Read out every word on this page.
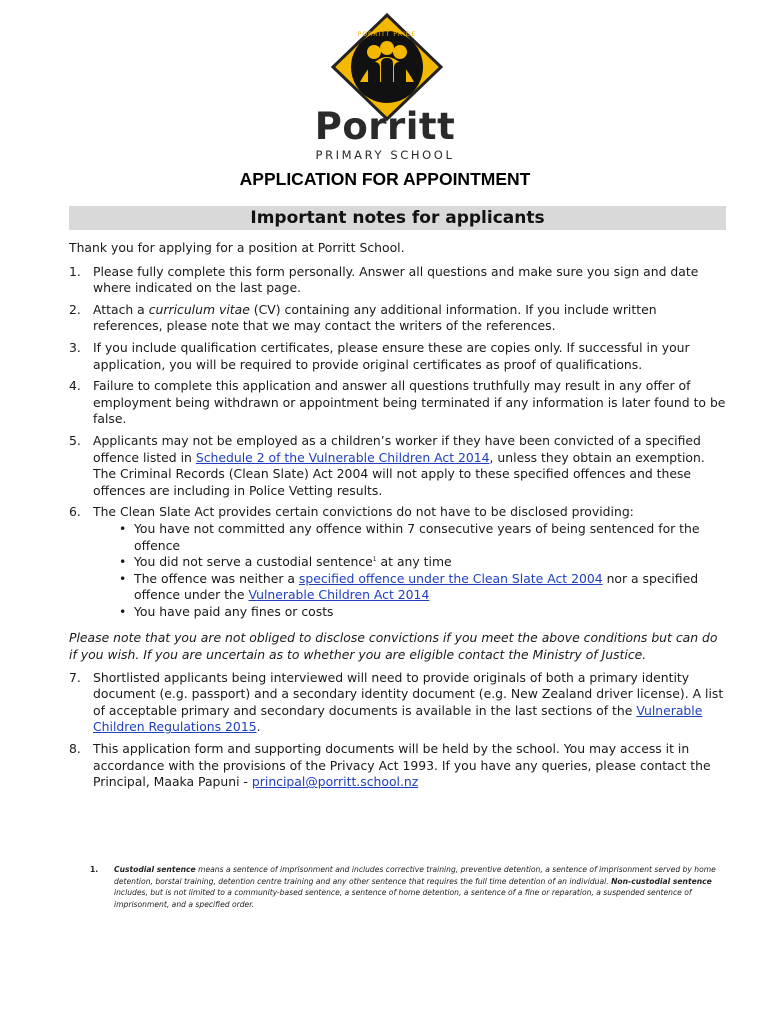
PORRITT PRIDE
Porritt
PRIMARY SCHOOL
APPLICATION FOR APPOINTMENT
Important notes for applicants

Thank you for applying for a position at Porritt School.

1. Please fully complete this form personally. Answer all questions and make sure you sign and date where indicated on the last page.
2. Attach a curriculum vitae (CV) containing any additional information. If you include written references, please note that we may contact the writers of the references.
3. If you include qualification certificates, please ensure these are copies only. If successful in your application, you will be required to provide original certificates as proof of qualifications.
4. Failure to complete this application and answer all questions truthfully may result in any offer of employment being withdrawn or appointment being terminated if any information is later found to be false.
5. Applicants may not be employed as a children’s worker if they have been convicted of a specified offence listed in Schedule 2 of the Vulnerable Children Act 2014, unless they obtain an exemption. The Criminal Records (Clean Slate) Act 2004 will not apply to these specified offences and these offences are including in Police Vetting results.
6. The Clean Slate Act provides certain convictions do not have to be disclosed providing:
• You have not committed any offence within 7 consecutive years of being sentenced for the offence
• You did not serve a custodial sentence$^1$ at any time
• The offence was neither a specified offence under the Clean Slate Act 2004 nor a specified offence under the Vulnerable Children Act 2014
• You have paid any fines or costs

Please note that you are not obliged to disclose convictions if you meet the above conditions but can do if you wish. If you are uncertain as to whether you are eligible contact the Ministry of Justice.

7. Shortlisted applicants being interviewed will need to provide originals of both a primary identity document (e.g. passport) and a secondary identity document (e.g. New Zealand driver license). A list of acceptable primary and secondary documents is available in the last sections of the Vulnerable Children Regulations 2015.
8. This application form and supporting documents will be held by the school. You may access it in accordance with the provisions of the Privacy Act 1993. If you have any queries, please contact the Principal, Maaka Papuni - principal@porritt.school.nz
1.	Custodial sentence means a sentence of imprisonment and includes corrective training, preventive detention, a sentence of imprisonment served by home detention, borstal training, detention centre training and any other sentence that requires the full time detention of an individual. Non-custodial sentence includes, but is not limited to a community-based sentence, a sentence of home detention, a sentence of a fine or reparation, a suspended sentence of imprisonment, and a specified order.
